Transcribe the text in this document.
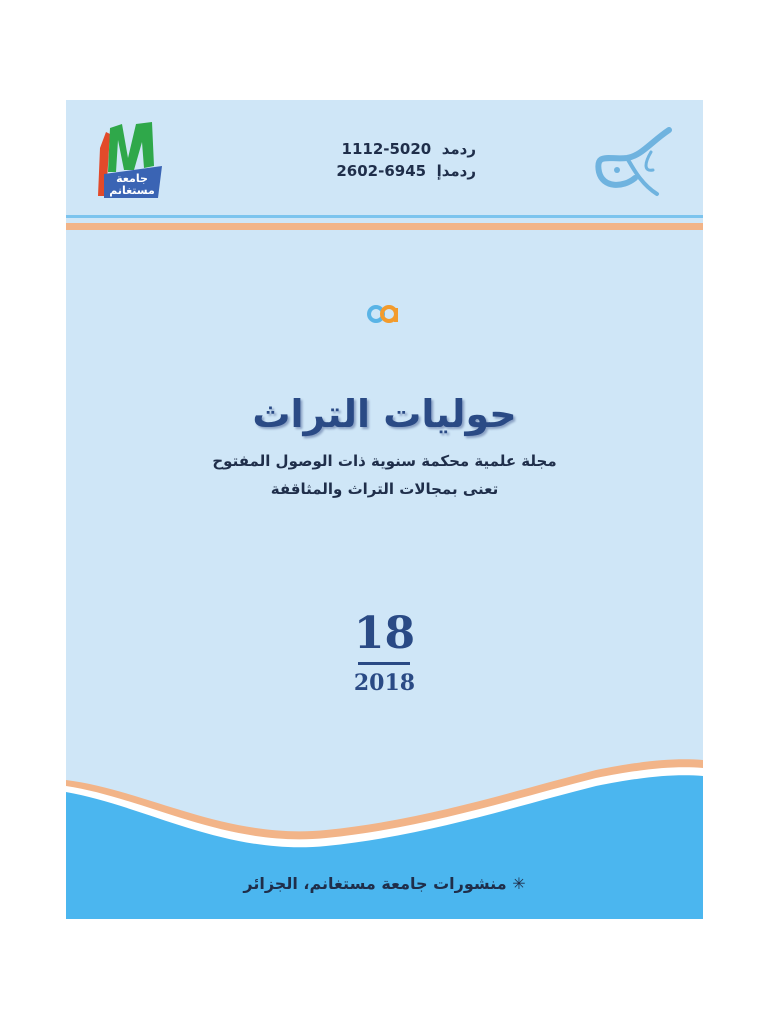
جامعة
مستغانم
ردمد  1112-5020
ردمدإ  2602-6945
حوليات التراث
مجلة علمية محكمة سنوية ذات الوصول المفتوح
تعنى بمجالات التراث والمثاقفة
18
2018
✳ منشورات جامعة مستغانم، الجزائر
